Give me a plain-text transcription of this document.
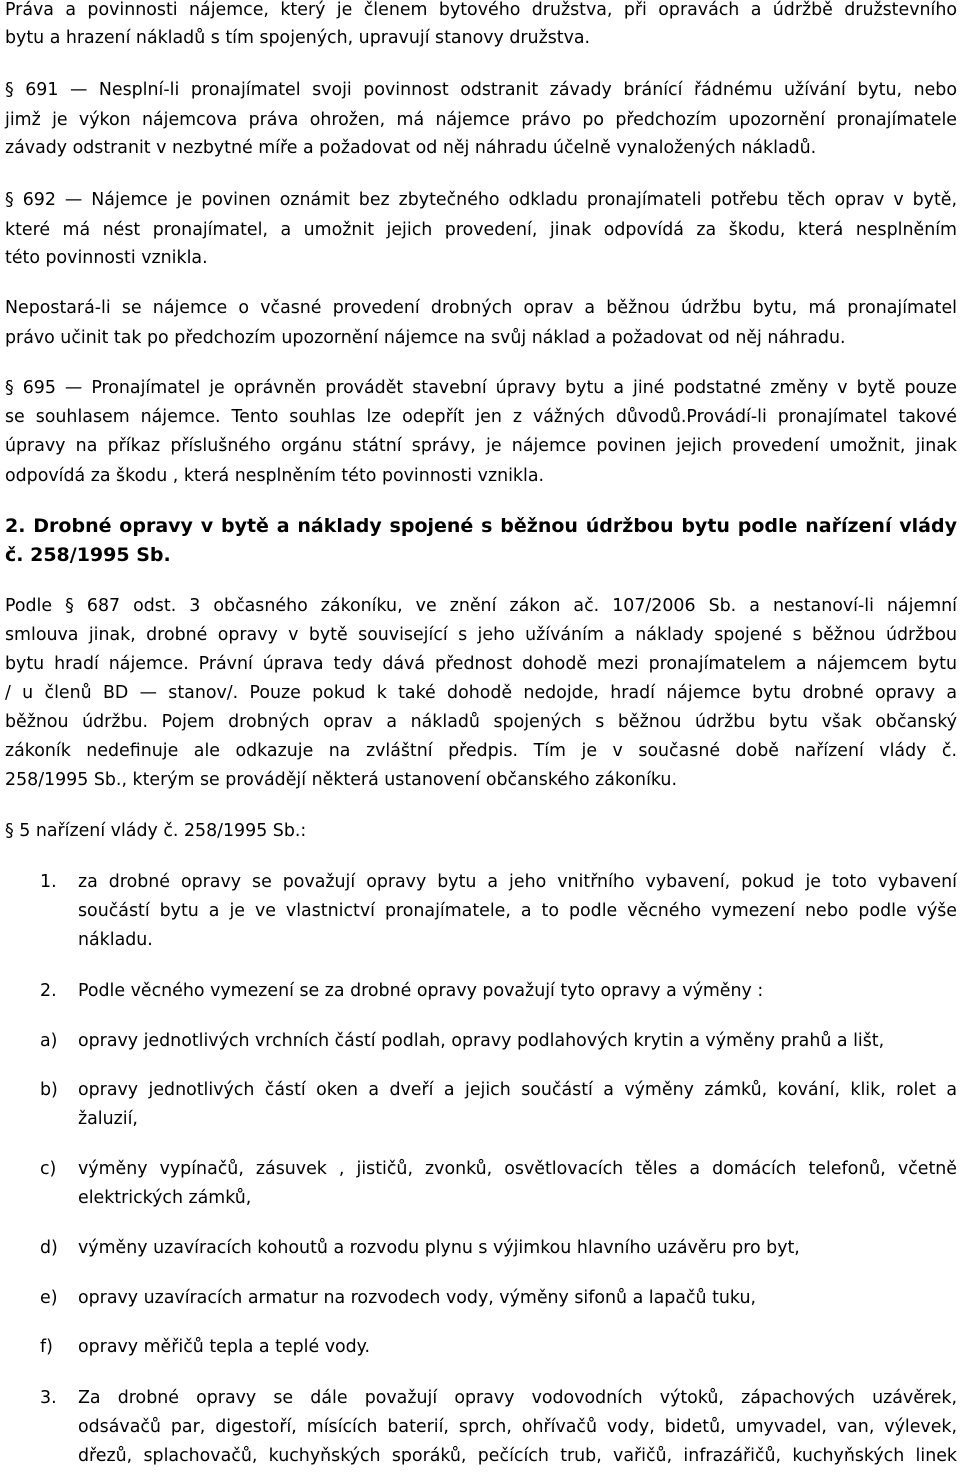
Práva a povinnosti nájemce, který je členem bytového družstva, při opravách a údržbě družstevního
bytu a hrazení nákladů s tím spojených, upravují stanovy družstva.
§ 691 — Nesplní-li pronajímatel svoji povinnost odstranit závady bránící řádnému užívání bytu, nebo
jimž je výkon nájemcova práva ohrožen, má nájemce právo po předchozím upozornění pronajímatele
závady odstranit v nezbytné míře a požadovat od něj náhradu účelně vynaložených nákladů.
§ 692 — Nájemce je povinen oznámit bez zbytečného odkladu pronajímateli potřebu těch oprav v bytě,
které má nést pronajímatel, a umožnit jejich provedení, jinak odpovídá za škodu, která nesplněním
této povinnosti vznikla.
Nepostará-li se nájemce o včasné provedení drobných oprav a běžnou údržbu bytu, má pronajímatel
právo učinit tak po předchozím upozornění nájemce na svůj náklad a požadovat od něj náhradu.
§ 695 — Pronajímatel je oprávněn provádět stavební úpravy bytu a jiné podstatné změny v bytě pouze
se souhlasem nájemce. Tento souhlas lze odepřít jen z vážných důvodů.Provádí-li pronajímatel takové
úpravy na příkaz příslušného orgánu státní správy, je nájemce povinen jejich provedení umožnit, jinak
odpovídá za škodu , která nesplněním této povinnosti vznikla.
2. Drobné opravy v bytě a náklady spojené s běžnou údržbou bytu podle nařízení vlády
č. 258/1995 Sb.
Podle § 687 odst. 3 občasného zákoníku, ve znění zákon ač. 107/2006 Sb. a nestanoví-li nájemní
smlouva jinak, drobné opravy v bytě související s jeho užíváním a náklady spojené s běžnou údržbou
bytu hradí nájemce. Právní úprava tedy dává přednost dohodě mezi pronajímatelem a nájemcem bytu
/ u členů BD — stanov/. Pouze pokud k také dohodě nedojde, hradí nájemce bytu drobné opravy a
běžnou údržbu. Pojem drobných oprav a nákladů spojených s běžnou údržbu bytu však občanský
zákoník nedefinuje ale odkazuje na zvláštní předpis. Tím je v současné době nařízení vlády č.
258/1995 Sb., kterým se provádějí některá ustanovení občanského zákoníku.
§ 5 nařízení vlády č. 258/1995 Sb.:
1. za drobné opravy se považují opravy bytu a jeho vnitřního vybavení, pokud je toto vybavení
součástí bytu a je ve vlastnictví pronajímatele, a to podle věcného vymezení nebo podle výše
nákladu.
2. Podle věcného vymezení se za drobné opravy považují tyto opravy a výměny :
a) opravy jednotlivých vrchních částí podlah, opravy podlahových krytin a výměny prahů a lišt,
b) opravy jednotlivých částí oken a dveří a jejich součástí a výměny zámků, kování, klik, rolet a
žaluzií,
c) výměny vypínačů, zásuvek , jističů, zvonků, osvětlovacích těles a domácích telefonů, včetně
elektrických zámků,
d) výměny uzavíracích kohoutů a rozvodu plynu s výjimkou hlavního uzávěru pro byt,
e) opravy uzavíracích armatur na rozvodech vody, výměny sifonů a lapačů tuku,
f) opravy měřičů tepla a teplé vody.
3. Za drobné opravy se dále považují opravy vodovodních výtoků, zápachových uzávěrek,
odsávačů par, digestoří, mísících baterií, sprch, ohřívačů vody, bidetů, umyvadel, van, výlevek,
dřezů, splachovačů, kuchyňských sporáků, pečících trub, vařičů, infrazářičů, kuchyňských linek
